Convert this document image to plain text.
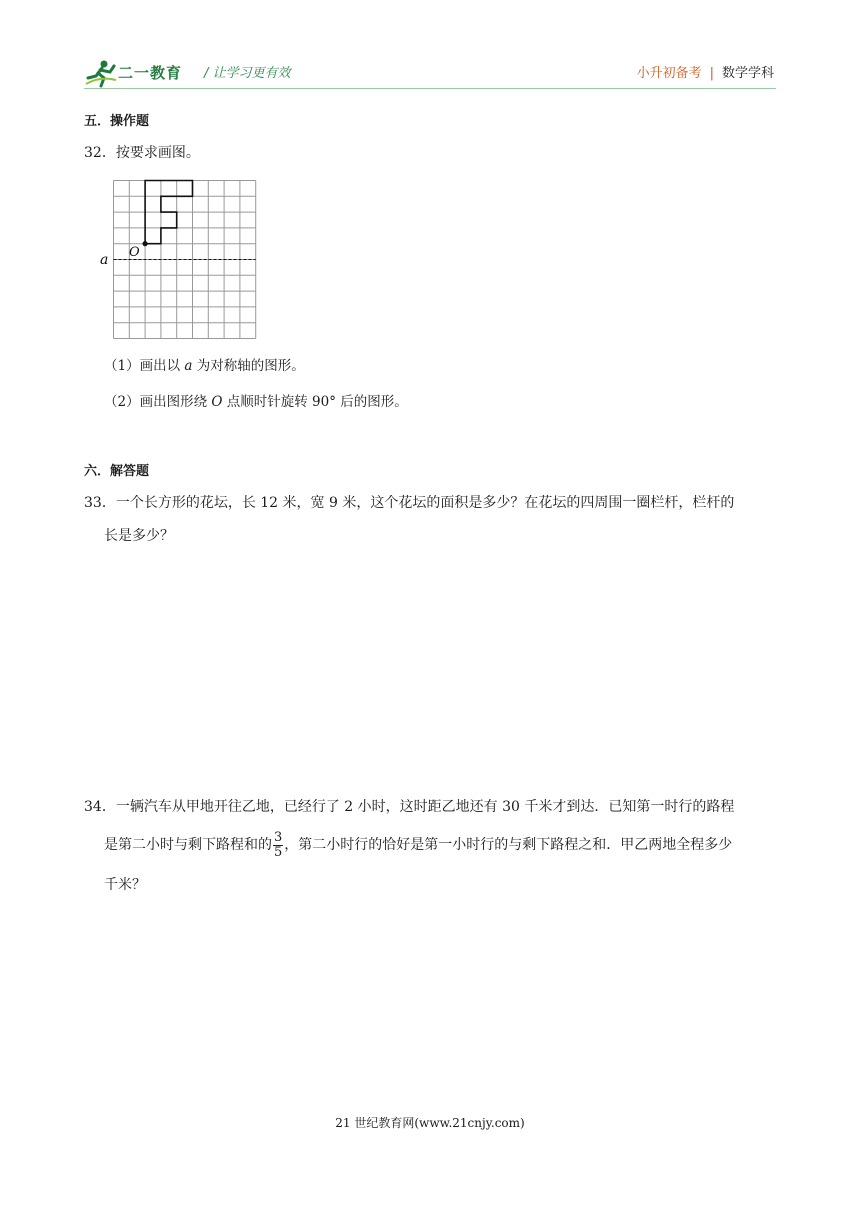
二一教育 / 让学习更有效	小升初备考 | 数学学科
五．操作题
32．按要求画图。
O
a
（1）画出以 a 为对称轴的图形。
（2）画出图形绕 O 点顺时针旋转 90° 后的图形。
六．解答题
33．一个长方形的花坛，长 12 米，宽 9 米，这个花坛的面积是多少？在花坛的四周围一圈栏杆，栏杆的
长是多少？
34．一辆汽车从甲地开往乙地，已经行了 2 小时，这时距乙地还有 30 千米才到达．已知第一时行的路程
是第二小时与剩下路程和的 $\frac{3}{5}$ ，第二小时行的恰好是第一小时行的与剩下路程之和．甲乙两地全程多少
千米？
21 世纪教育网(www.21cnjy.com)
